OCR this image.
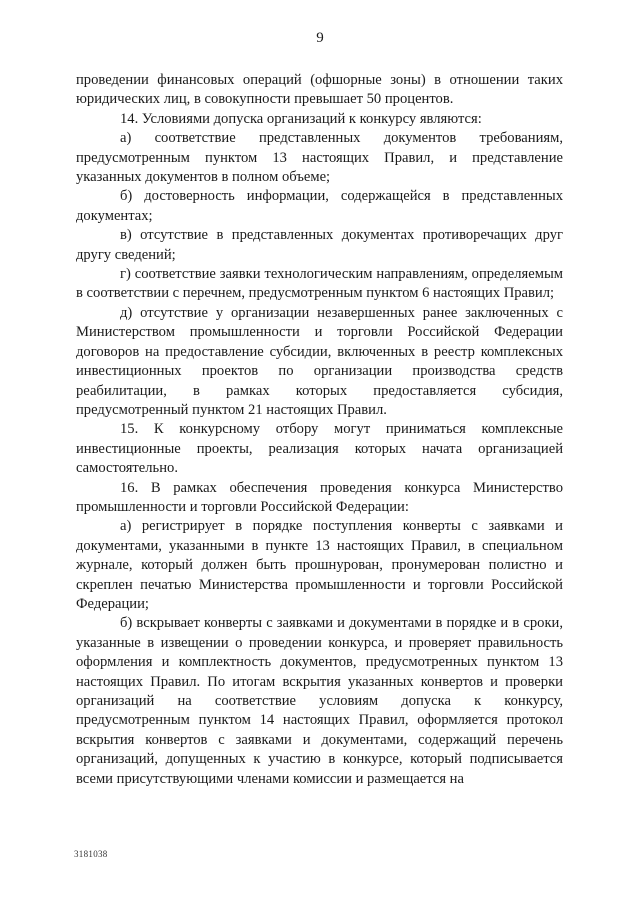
9

проведении финансовых операций (офшорные зоны) в отношении таких юридических лиц, в совокупности превышает 50 процентов.

14. Условиями допуска организаций к конкурсу являются:

а) соответствие представленных документов требованиям, предусмотренным пунктом 13 настоящих Правил, и представление указанных документов в полном объеме;

б) достоверность информации, содержащейся в представленных документах;

в) отсутствие в представленных документах противоречащих друг другу сведений;

г) соответствие заявки технологическим направлениям, определяемым в соответствии с перечнем, предусмотренным пунктом 6 настоящих Правил;

д) отсутствие у организации незавершенных ранее заключенных с Министерством промышленности и торговли Российской Федерации договоров на предоставление субсидии, включенных в реестр комплексных инвестиционных проектов по организации производства средств реабилитации, в рамках которых предоставляется субсидия, предусмотренный пунктом 21 настоящих Правил.

15. К конкурсному отбору могут приниматься комплексные инвестиционные проекты, реализация которых начата организацией самостоятельно.

16. В рамках обеспечения проведения конкурса Министерство промышленности и торговли Российской Федерации:

а) регистрирует в порядке поступления конверты с заявками и документами, указанными в пункте 13 настоящих Правил, в специальном журнале, который должен быть прошнурован, пронумерован полистно и скреплен печатью Министерства промышленности и торговли Российской Федерации;

б) вскрывает конверты с заявками и документами в порядке и в сроки, указанные в извещении о проведении конкурса, и проверяет правильность оформления и комплектность документов, предусмотренных пунктом 13 настоящих Правил. По итогам вскрытия указанных конвертов и проверки организаций на соответствие условиям допуска к конкурсу, предусмотренным пунктом 14 настоящих Правил, оформляется протокол вскрытия конвертов с заявками и документами, содержащий перечень организаций, допущенных к участию в конкурсе, который подписывается всеми присутствующими членами комиссии и размещается на

3181038
